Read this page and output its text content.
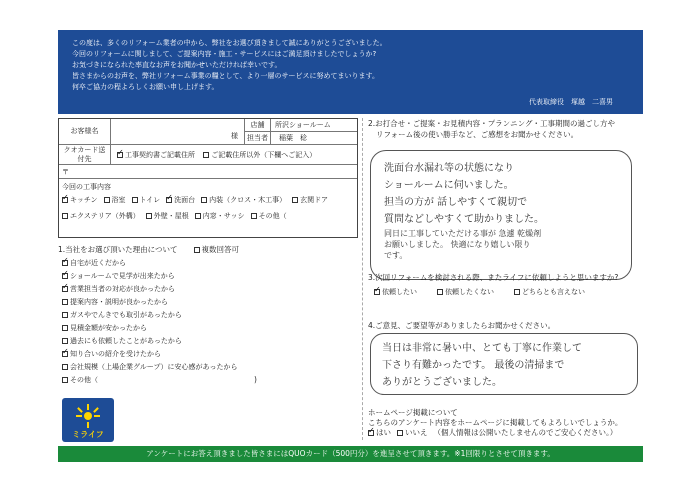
この度は、多くのリフォーム業者の中から、弊社をお選び頂きまして誠にありがとうございました。
今回のリフォームに関しまして、ご提案内容・施工・サービスにはご満足頂けましたでしょうか?
お気づきになられた率直なお声をお聞かせいただければ幸いです。
皆さまからのお声を、弊社リフォーム事業の糧として、より一層のサービスに努めてまいります。
何卒ご協力の程よろしくお願い申し上げます。
代表取締役　塚越　二喜男
お客様名
様
店舗	所沢ショールーム
担当者	稲葉　稔
クオカード送付先 ✓	工事契約書ご記載住所 ご記載住所以外（下欄へご記入）
〒
今回の工事内容
✓キッチン	浴室	トイレ ✓	洗面台	内装（クロス・木工事）	玄関ドア
エクステリア（外構）	外壁・屋根	内窓・サッシ	その他（
1.当社をお選び頂いた理由について	複数回答可
✓自宅が近くだから
✓ショールームで見学が出来たから
✓営業担当者の対応が良かったから
提案内容・説明が良かったから
ガスやでんきでも取引があったから
見積金額が安かったから
過去にも依頼したことがあったから
✓知り合いの紹介を受けたから
会社規模（上場企業グループ）に安心感があったから
その他（	)
2.お打合せ・ご提案・お見積内容・プランニング・工事期間の過ごし方や
リフォーム後の使い勝手など、ご感想をお聞かせください。
洗面台水漏れ等の状態になり
ショールームに伺いました。
担当の方が 話しやすくて親切で
質問などしやすくて助かりました。
同日に工事していただける事が 急遽 乾燥剤
お願いしました。 快適になり嬉しい限り
です。
3.次回リフォームを検討される際、またライフに依頼しようと思いますか?
✓依頼したい	依頼したくない	どちらとも言えない
4.ご意見、ご要望等がありましたらお聞かせください。
当日は非常に暑い中、とても丁寧に作業して
下さり有難かったです。 最後の清掃まで
ありがとうございました。
ホームページ掲載について
こちらのアンケート内容をホームページに掲載してもよろしいでしょうか。
✓はい	いいえ （個人情報は公開いたしませんのでご安心ください。）
ミライフ
アンケートにお答え頂きました皆さまにはQUOカード（500円分）を進呈させて頂きます。※1回限りとさせて頂きます。
